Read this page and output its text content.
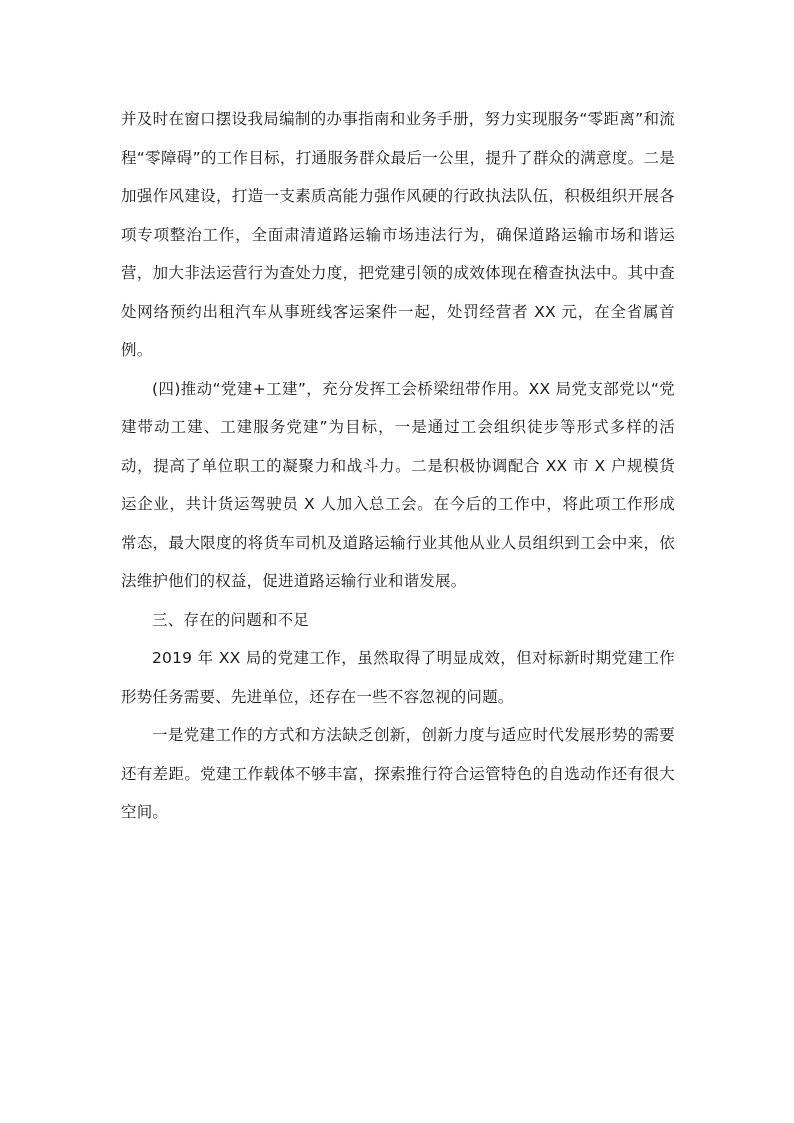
并及时在窗口摆设我局编制的办事指南和业务手册，努力实现服务“零距离”和流程“零障碍”的工作目标，打通服务群众最后一公里，提升了群众的满意度。二是加强作风建设，打造一支素质高能力强作风硬的行政执法队伍，积极组织开展各项专项整治工作，全面肃清道路运输市场违法行为，确保道路运输市场和谐运营，加大非法运营行为查处力度，把党建引领的成效体现在稽查执法中。其中查处网络预约出租汽车从事班线客运案件一起，处罚经营者 XX 元，在全省属首例。

(四)推动“党建+工建”，充分发挥工会桥梁纽带作用。XX 局党支部党以“党建带动工建、工建服务党建”为目标，一是通过工会组织徒步等形式多样的活动，提高了单位职工的凝聚力和战斗力。二是积极协调配合 XX 市 X 户规模货运企业，共计货运驾驶员 X 人加入总工会。在今后的工作中，将此项工作形成常态，最大限度的将货车司机及道路运输行业其他从业人员组织到工会中来，依法维护他们的权益，促进道路运输行业和谐发展。

三、存在的问题和不足

2019 年 XX 局的党建工作，虽然取得了明显成效，但对标新时期党建工作形势任务需要、先进单位，还存在一些不容忽视的问题。

一是党建工作的方式和方法缺乏创新，创新力度与适应时代发展形势的需要还有差距。党建工作载体不够丰富，探索推行符合运管特色的自选动作还有很大空间。
